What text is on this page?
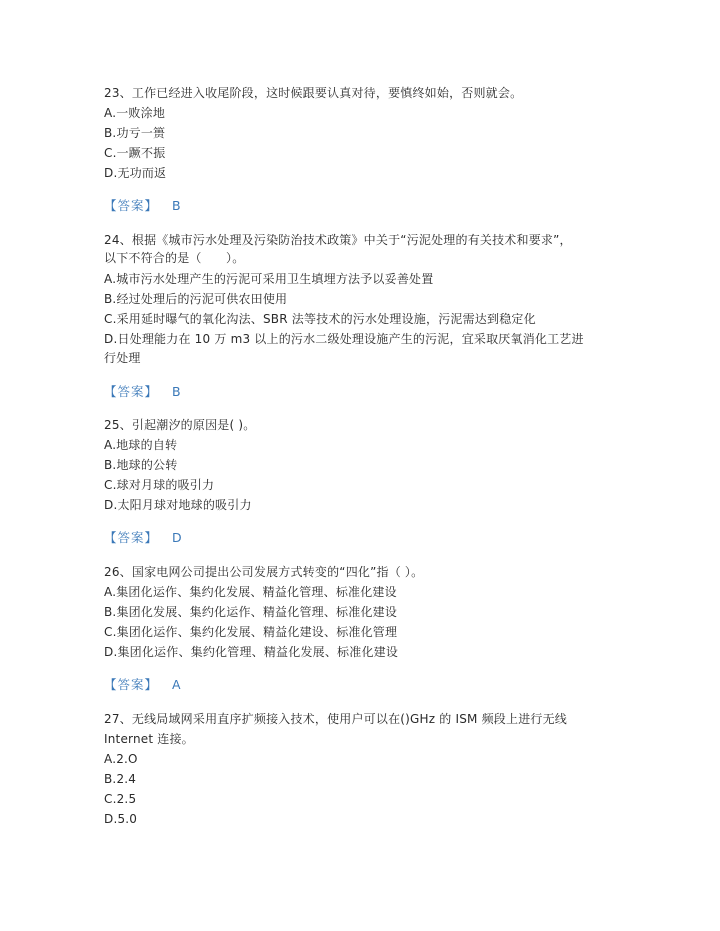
23、工作已经进入收尾阶段，这时候跟要认真对待，要慎终如始，否则就会。
A.一败涂地
B.功亏一篑
C.一蹶不振
D.无功而返
【答案】 B
24、根据《城市污水处理及污染防治技术政策》中关于“污泥处理的有关技术和要求”，
以下不符合的是（　　）。
A.城市污水处理产生的污泥可采用卫生填埋方法予以妥善处置
B.经过处理后的污泥可供农田使用
C.采用延时曝气的氧化沟法、SBR 法等技术的污水处理设施，污泥需达到稳定化
D.日处理能力在 10 万 m3 以上的污水二级处理设施产生的污泥，宜采取厌氧消化工艺进
行处理
【答案】 B
25、引起潮汐的原因是( )。
A.地球的自转
B.地球的公转
C.球对月球的吸引力
D.太阳月球对地球的吸引力
【答案】 D
26、国家电网公司提出公司发展方式转变的“四化”指（ ）。
A.集团化运作、集约化发展、精益化管理、标准化建设
B.集团化发展、集约化运作、精益化管理、标准化建设
C.集团化运作、集约化发展、精益化建设、标准化管理
D.集团化运作、集约化管理、精益化发展、标准化建设
【答案】 A
27、无线局域网采用直序扩频接入技术，使用户可以在()GHz 的 ISM 频段上进行无线
Internet 连接。
A.2.O
B.2.4
C.2.5
D.5.0
